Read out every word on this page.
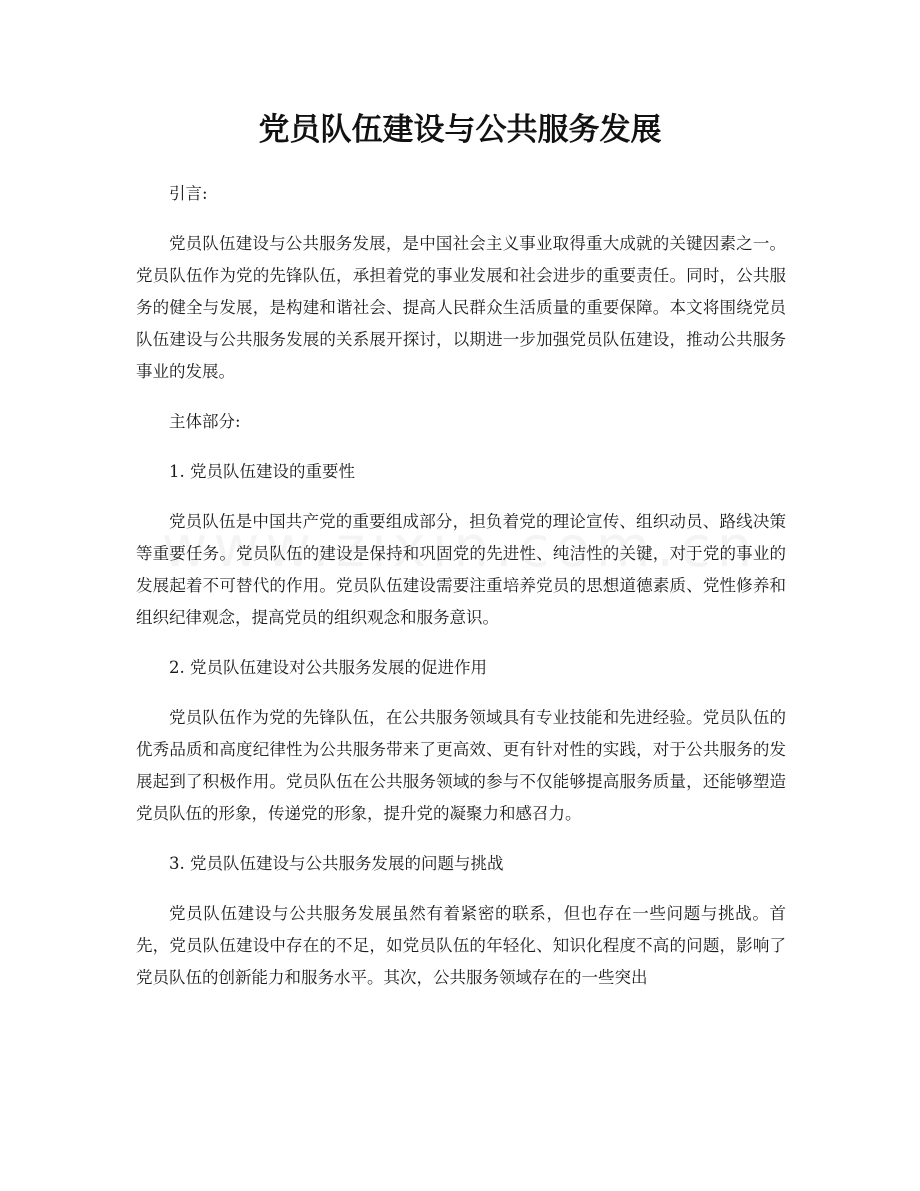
党员队伍建设与公共服务发展

引言:

党员队伍建设与公共服务发展，是中国社会主义事业取得重大成就的关键因素之一。党员队伍作为党的先锋队伍，承担着党的事业发展和社会进步的重要责任。同时，公共服务的健全与发展，是构建和谐社会、提高人民群众生活质量的重要保障。本文将围绕党员队伍建设与公共服务发展的关系展开探讨，以期进一步加强党员队伍建设，推动公共服务事业的发展。

主体部分:

1. 党员队伍建设的重要性

党员队伍是中国共产党的重要组成部分，担负着党的理论宣传、组织动员、路线决策等重要任务。党员队伍的建设是保持和巩固党的先进性、纯洁性的关键，对于党的事业的发展起着不可替代的作用。党员队伍建设需要注重培养党员的思想道德素质、党性修养和组织纪律观念，提高党员的组织观念和服务意识。

2. 党员队伍建设对公共服务发展的促进作用

党员队伍作为党的先锋队伍，在公共服务领域具有专业技能和先进经验。党员队伍的优秀品质和高度纪律性为公共服务带来了更高效、更有针对性的实践，对于公共服务的发展起到了积极作用。党员队伍在公共服务领域的参与不仅能够提高服务质量，还能够塑造党员队伍的形象，传递党的形象，提升党的凝聚力和感召力。

3. 党员队伍建设与公共服务发展的问题与挑战

党员队伍建设与公共服务发展虽然有着紧密的联系，但也存在一些问题与挑战。首先，党员队伍建设中存在的不足，如党员队伍的年轻化、知识化程度不高的问题，影响了党员队伍的创新能力和服务水平。其次，公共服务领域存在的一些突出
